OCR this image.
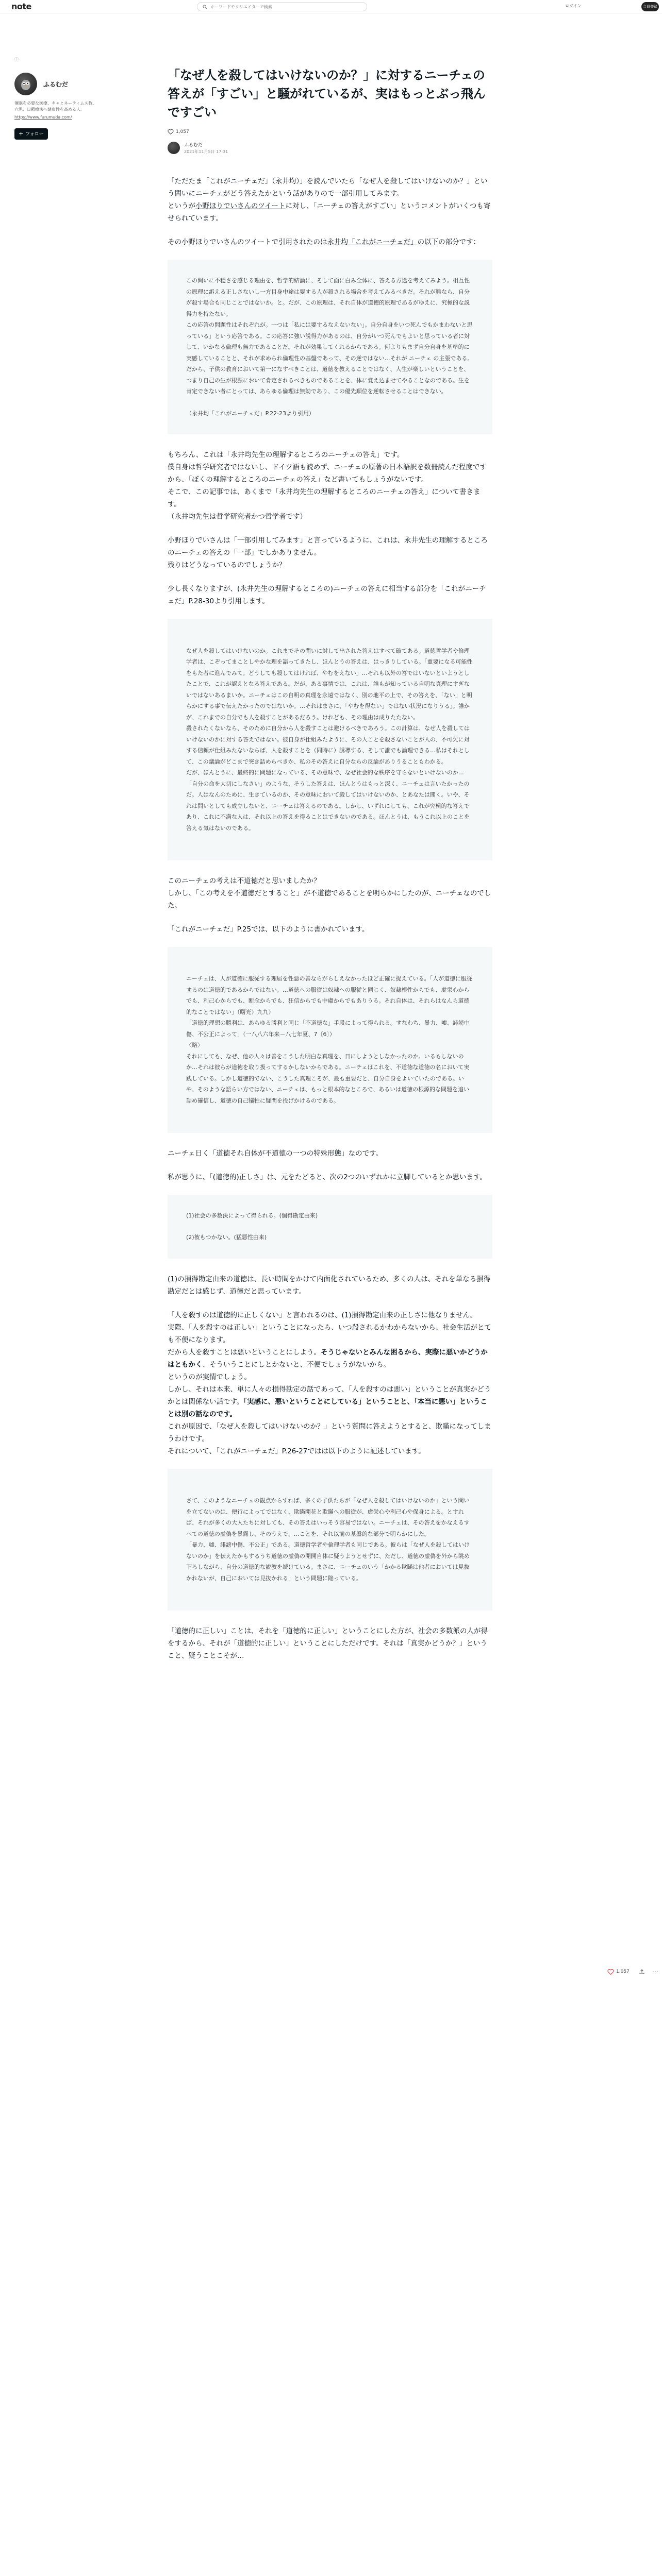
note
キーワードやクリエイターで検索	ログイン	会員登録
㊉
ふるむだ
催眠を必要な医療、キャとネーティムス教、六児、日藍療法へ健康性を高める人。
https://www.furumuda.com/
+ フォロー
「なぜ人を殺してはいけないのか？」に対するニーチェの答えが「すごい」と騒がれているが、実はもっとぶっ飛んですごい
1,057
ふるむだ
2021年11月5日 17:31

「ただたま「これがニーチェだ」（永井均）」を読んでいたら「なぜ人を殺してはいけないのか？」という問いにニーチェがどう答えたかという話がありので一部引用してみます。
というが小野ほりでいさんのツイートに対し、「ニーチェの答えがすごい」というコメントがいくつも寄せられています。

その小野ほりでいさんのツイートで引用されたのは永井均「これがニーチェだ」の以下の部分です：

この問いに不穏さを感じる理由を、哲学的結論に、そして面に白み全体に、答える方途を考えてみよう。相互性の原理に訴える正しさないし一方目身中途は要する人が殺される場合を考えてみるべきだ。それが難なら、自分が殺す場合も同じことではないか。と。だが、この原理は、それ自体が道徳的原理であるがゆえに、究極的な説得力を持たない。

この応答の問題性はそれぞれが。一つは「私には要するなえないない」。自分自身をいつ死んでもかまわないと思っている」という応答である。この応答に強い説得力があるのは、自分がいつ死んでもよいと思っている者に対して、いかなる倫理も無力であることだ。それが効果してくれるからである。何よりもまず自分自身を基準的に実感していることと、それが求められ倫理性の基盤であって、その逆ではない…それが ニーチェ の主張である。だから、子供の教育において第一になすべきことは、道徳を教えることではなく、人生が楽しいということを、つまり自己の生が根源において肯定されるべきものであることを、体に覚え込ませてやることなのである。生を肯定できない者にとっては、あらゆる倫理は無効であり、この優先順位を逆転させることはできない。

（永井均「これがニーチェだ」P.22-23より引用）

もちろん、これは「永井均先生の理解するところのニーチェの答え」です。
僕自身は哲学研究者ではないし、ドイツ語も読めず、ニーチェの原著の日本語訳を数冊読んだ程度ですから、「ぼくの理解するところのニーチェの答え」など書いてもしょうがないです。
そこで、この記事では、あくまで「永井均先生の理解するところのニーチェの答え」について書きます。
（永井均先生は哲学研究者かつ哲学者です）

小野ほりでいさんは「一部引用してみます」と言っているように、これは、永井先生の理解するところのニーチェの答えの「一部」でしかありません。
残りはどうなっているのでしょうか？

少し長くなりますが、(永井先生の理解するところの)ニーチェの答えに相当する部分を「これがニーチェだ」P.28-30より引用します。

なぜ人を殺してはいけないのか。これまでその問いに対して出された答えはすべて破てある。道徳哲学者や倫理学者は、こぞってまことしやかな理を語ってきたし、ほんとうの答えは、はっきりしている。「重要になる可能性をもた者に進んでみて。どうしても殺してはければ、やむをえない」…それも以外の答ではいないといようとしたことで、これが認えとなる答えである。だが、ある事情では、これは、誰もが知っている自明な真理にすぎないではないあるまいか。ニーチェはこの自明の真理を永遠ではなく、別の地平の上で、その答えを、「ない」と明らかにする事で伝えたかったのではないか。…それはまさに、「やむを得ない」ではない状況になりうる」。誰かが、これまでの自分でも人を殺すことがあるだろう。けれども、その理由は成りたたない。
殺されたくないなら、そのために自分から人を殺すことは避けるべきであろう。この計算は、なぜ人を殺してはいけないのかに対する答えではない。彼自身が仕組みたように、その人ことを殺さないことが人の、不可欠に対する信頼が仕組みたないならば、人を殺すことを（同時に）誘導する、そして誰でも論理できる…私はそれとして、この議論がどこまで突き詰めらべきか、私のその答えに自分ならの反論がありうることもわかる。
だが、ほんとうに、最終的に問題になっている、その意味で、なぜ社会的な秩序を守らないといけないのか…「自分の命を大切にしなさい」のような、そうした答えは、ほんとうはもっと深く、ニーチェは言いたかったのだ。人はなんのために、生きているのか、その意味において殺してはいけないのか、とあなたは聞く。いや、それは問いとしても成立しないと、ニーチェは答えるのである。しかし、いずれにしても、これが究極的な答えであり、これに不満な人は、それ以上の答えを得ることはできないのである。ほんとうは、もうこれ以上のことを答える気はないのである。

このニーチェの考えは不道徳だと思いましたか？
しかし、「この考えを不道徳だとすること」が不道徳であることを明らかにしたのが、ニーチェなのでした。

「これがニーチェだ」P.25では、以下のように書かれています。

ニーチェは、人が道徳に服従する理屈を性悪の善ならがらしえなかったほど正確に捉えている。「人が道徳に服従するのは道徳的であるからではない。…道徳への服従は奴隷への服従と同じく、奴隷根性からでも、虚栄心からでも、利己心からでも、断念からでも、狂信からでも中慮からでもありうる。それ自体は、それらはなんら道徳的なことではない」（曙光）九九）
「道徳的理想の勝利は、あらゆる勝利と同じ「不道徳な」手段によって得られる。すなわち、暴力、嘘、誹謗中傷、不公正によって」（一八八六年来－八七年夏、7〔6〕）
〈略〉
それにしても、なぜ、他の人々は善をこうした明白な真理を、日にしようとしなかったのか。いるもしないのか…それは彼らが道徳を取り扱ってするかしないからである。ニーチェはこれを、不道徳な道徳の名において実践している。しかし道徳的でない、こうした真理こそが、最も重要だと、自分自身をよいていたのである。いや、そのような語らい方ではない、ニーチェは、もっと根本的なところで、あるいは道徳の根源的な問題を追い詰め確信し、道徳の自己犠牲に疑問を投げかけるのである。

ニーチェ日く「道徳それ自体が不道徳の一つの特殊形態」なのです。

私が思うに、「(道徳的)正しさ」は、元をたどると、次の2つのいずれかに立脚しているとか思います。

(1)社会の多数決によって得られる。(個得勘定由来)

(2)彼もつかない。(猛悪性由来)

(1)の損得勘定由来の道徳は、長い時間をかけて内面化されているため、多くの人は、それを単なる損得勘定だとは感じず、道徳だと思っています。

「人を殺すのは道徳的に正しくない」と言われるのは、(1)損得勘定由来の正しさに他なりません。
実際、「人を殺すのは正しい」ということになったら、いつ殺されるかわからないから、社会生活がとても不便になります。
だから人を殺すことは悪いということにしよう。そうじゃないとみんな困るから、実際に悪いかどうかはともかく、そういうことにしとかないと、不便でしょうがないから。
というのが実情でしょう。
しかし、それは本来、単に人々の損得勘定の話であって、「人を殺すのは悪い」ということが真実かどうかとは関係ない話です。「実感に、悪いということにしている」ということと、「本当に悪い」ということは別の話なのです。
これが原因で、「なぜ人を殺してはいけないのか？」という質問に答えようとすると、欺瞞になってしまうわけです。
それについて、「これがニーチェだ」P.26-27ではは以下のように記述しています。

さて、このようなニーチェの観点からすれば、多くの子供たちが「なぜ人を殺してはいけないのか」という問いを立てないのは、便行によってではなく、欺瞞開花と欺瞞への服従が、虚栄心や利己心や保身による。とすれば、それが多くの大人たちに対しても、その答えはいっそう容易ではない。ニーチェは、その答えをかなえるすべての道徳の虚偽を暴露し、そのうえで、…ことを、それ以前の基盤的な部分で明らかにした。
「暴力、嘘、誹謗中傷、不公正」である。道徳哲学者や倫理学者も同じである。彼らは「なぜ人を殺してはいけないのか」を伝えたかもするうち道徳の虚偽の開開自体に疑うようとせずに、ただし、道徳の虚偽を外から眺め下ろしながら、自分の道徳的な説教を続けている。まさに、ニーチェのいう「かかる欺瞞は他者においては見抜かれないが、自己においては見抜かれる」という問題に陥っている。

「道徳的に正しい」ことは、それを「道徳的に正しい」ということにした方が、社会の多数派の人が得をするから、それが「道徳的に正しい」ということにしただけです。それは「真実かどうか？」ということ、疑うことこそが…

1,057	⋯
